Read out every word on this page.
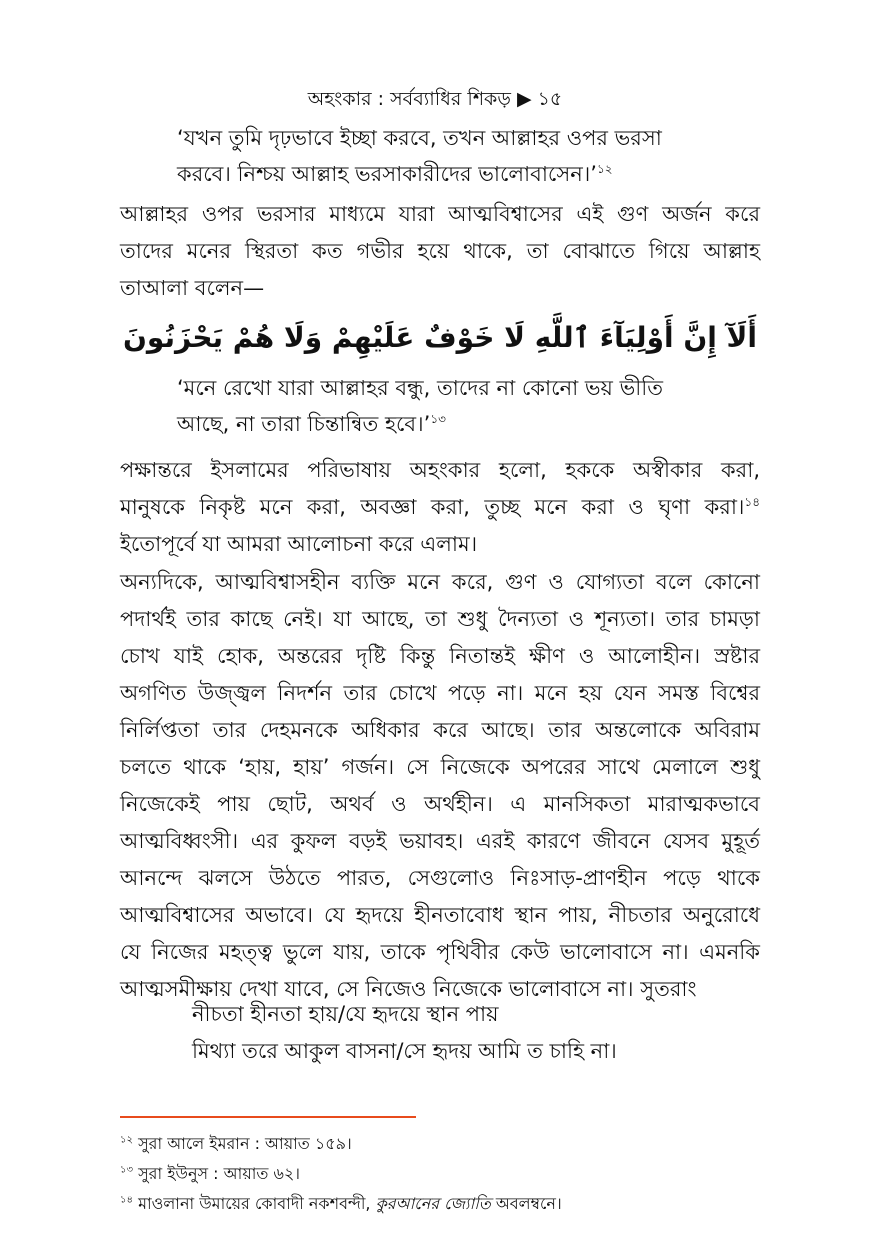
অহংকার : সর্বব্যাধির শিকড় ▶ ১৫
‘যখন তুমি দৃঢ়ভাবে ইচ্ছা করবে, তখন আল্লাহর ওপর ভরসা
করবে। নিশ্চয় আল্লাহ ভরসাকারীদের ভালোবাসেন।’$^{১২}$
আল্লাহর ওপর ভরসার মাধ্যমে যারা আত্মবিশ্বাসের এই গুণ অর্জন করে
তাদের মনের স্থিরতা কত গভীর হয়ে থাকে, তা বোঝাতে গিয়ে আল্লাহ
তাআলা বলেন—
أَلَآ إِنَّ أَوْلِيَآءَ ٱللَّهِ لَا خَوْفٌ عَلَيْهِمْ وَلَا هُمْ يَحْزَنُونَ
‘মনে রেখো যারা আল্লাহর বন্ধু, তাদের না কোনো ভয় ভীতি
আছে, না তারা চিন্তান্বিত হবে।’$^{১৩}$
পক্ষান্তরে ইসলামের পরিভাষায় অহংকার হলো, হককে অস্বীকার করা,
মানুষকে নিকৃষ্ট মনে করা, অবজ্ঞা করা, তুচ্ছ মনে করা ও ঘৃণা করা।$^{১৪}$
ইতোপূর্বে যা আমরা আলোচনা করে এলাম।
অন্যদিকে, আত্মবিশ্বাসহীন ব্যক্তি মনে করে, গুণ ও যোগ্যতা বলে কোনো
পদার্থই তার কাছে নেই। যা আছে, তা শুধু দৈন্যতা ও শূন্যতা। তার চামড়া
চোখ যাই হোক, অন্তরের দৃষ্টি কিন্তু নিতান্তই ক্ষীণ ও আলোহীন। স্রষ্টার
অগণিত উজ্জ্বল নিদর্শন তার চোখে পড়ে না। মনে হয় যেন সমস্ত বিশ্বের
নির্লিপ্ততা তার দেহমনকে অধিকার করে আছে। তার অন্তলোকে অবিরাম
চলতে থাকে ‘হায়, হায়’ গর্জন। সে নিজেকে অপরের সাথে মেলালে শুধু
নিজেকেই পায় ছোট, অথর্ব ও অর্থহীন। এ মানসিকতা মারাত্মকভাবে
আত্মবিধ্বংসী। এর কুফল বড়ই ভয়াবহ। এরই কারণে জীবনে যেসব মুহূর্ত
আনন্দে ঝলসে উঠতে পারত, সেগুলোও নিঃসাড়-প্রাণহীন পড়ে থাকে
আত্মবিশ্বাসের অভাবে। যে হৃদয়ে হীনতাবোধ স্থান পায়, নীচতার অনুরোধে
যে নিজের মহত্ত্ব ভুলে যায়, তাকে পৃথিবীর কেউ ভালোবাসে না। এমনকি
আত্মসমীক্ষায় দেখা যাবে, সে নিজেও নিজেকে ভালোবাসে না। সুতরাং
নীচতা হীনতা হায়/যে হৃদয়ে স্থান পায়
মিথ্যা তরে আকুল বাসনা/সে হৃদয় আমি ত চাহি না।
$^{১২}$ সুরা আলে ইমরান : আয়াত ১৫৯।
$^{১৩}$ সুরা ইউনুস : আয়াত ৬২।
$^{১৪}$ মাওলানা উমায়ের কোবাদী নকশবন্দী, কুরআনের জ্যোতি অবলম্বনে।
